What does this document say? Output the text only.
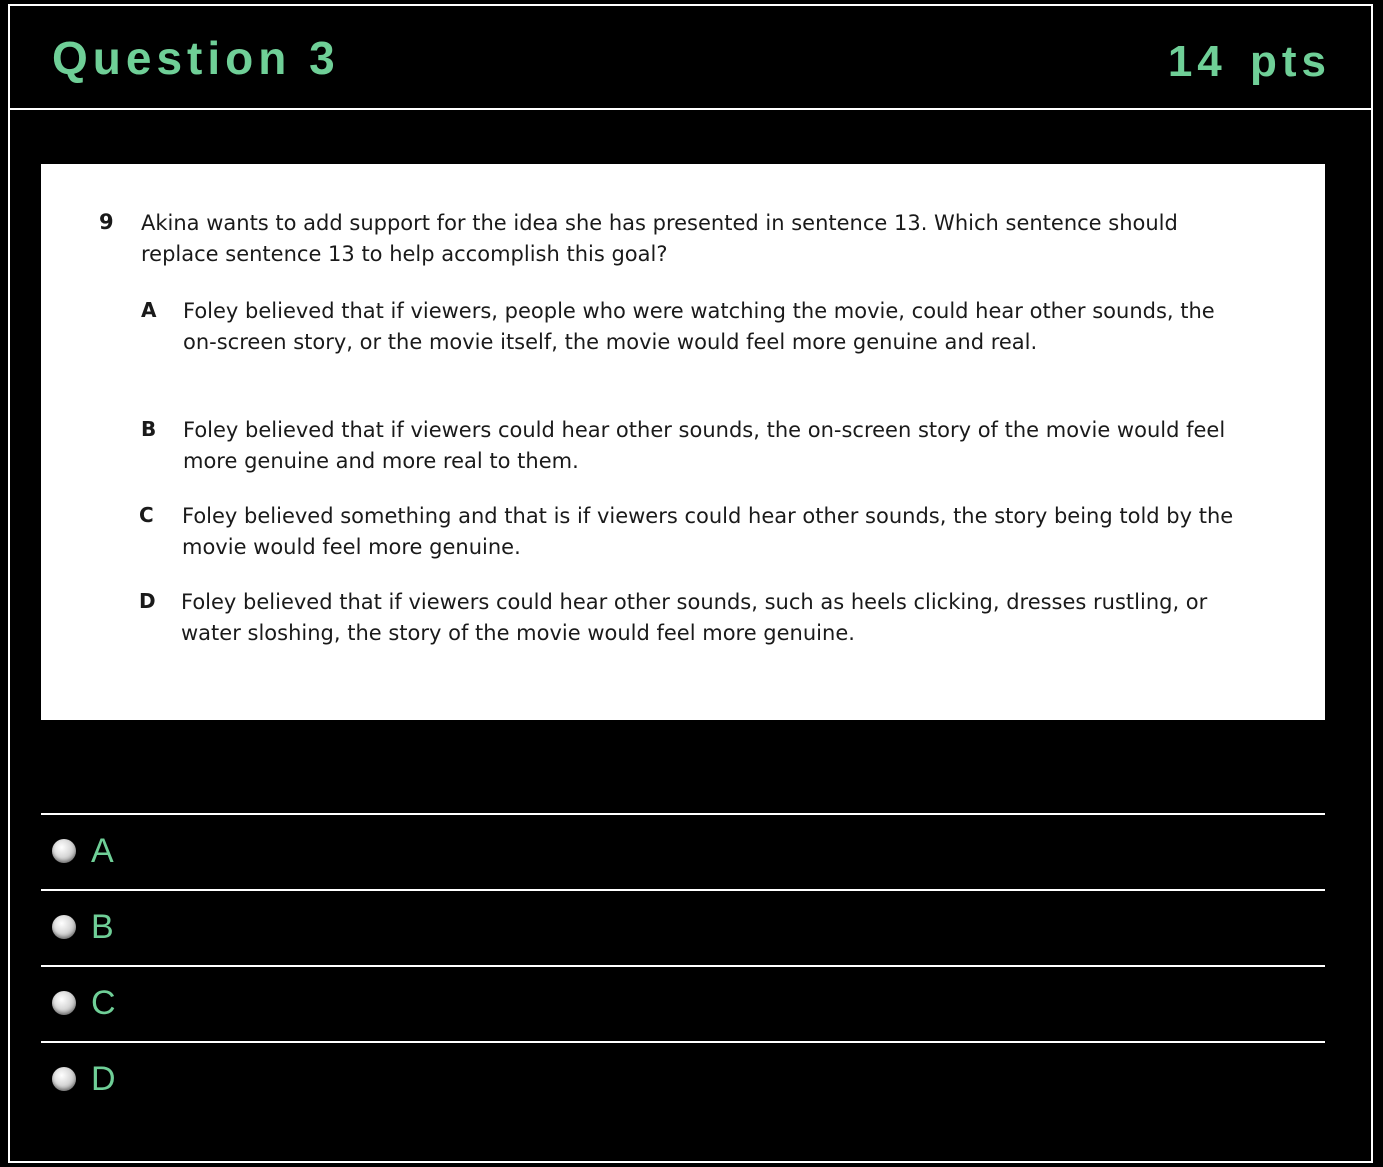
Question 3	14 pts
9 Akina wants to add support for the idea she has presented in sentence 13. Which sentence should replace sentence 13 to help accomplish this goal?
A Foley believed that if viewers, people who were watching the movie, could hear other sounds, the on-screen story, or the movie itself, the movie would feel more genuine and real.
B Foley believed that if viewers could hear other sounds, the on-screen story of the movie would feel more genuine and more real to them.
C Foley believed something and that is if viewers could hear other sounds, the story being told by the movie would feel more genuine.
D Foley believed that if viewers could hear other sounds, such as heels clicking, dresses rustling, or water sloshing, the story of the movie would feel more genuine.
A
B
C
D
